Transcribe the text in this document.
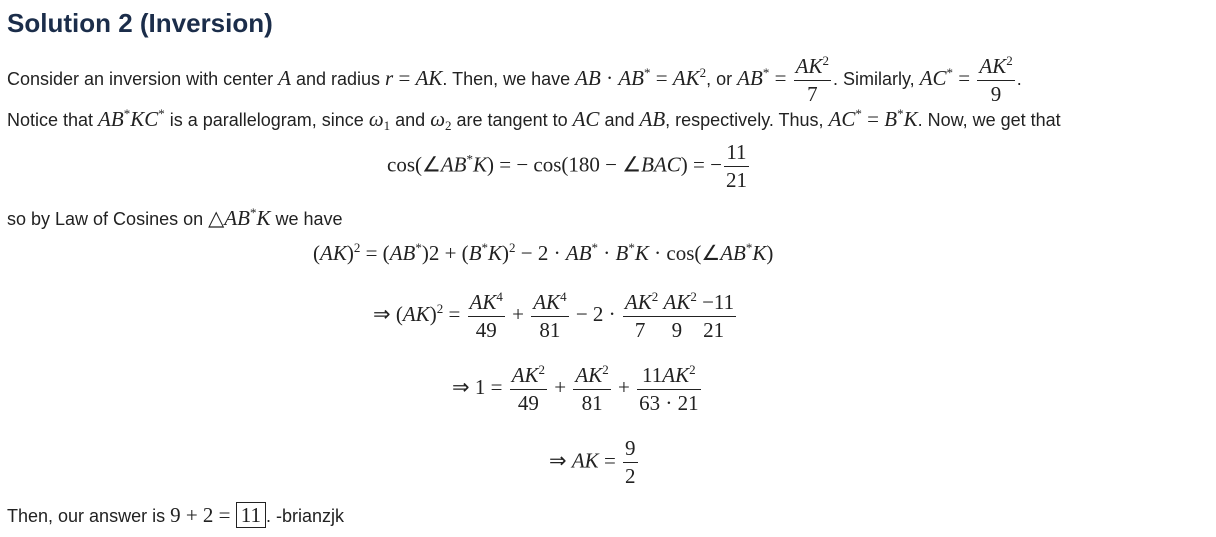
Solution 2 (Inversion)
Consider an inversion with center A and radius r = AK. Then, we have AB · $AB^* = AK^2$, or $AB^* = \frac{AK^2}{7}$ . Similarly, $AC^* = \frac{AK^2}{9}$ .
Notice that AB*KC* is a parallelogram, since $\omega_1$ and $\omega_2$ are tangent to AC and AB, respectively. Thus, AC* = B*K. Now, we get that
cos(∠AB*K) = − cos(180 − ∠BAC) = − $\frac{11}{21}$
so by Law of Cosines on △AB*K we have
$(AK)^2 = (AB^*)2 + (B^*K)^2 - 2 \cdot AB^* \cdot B^*K$ · cos(∠AB*K)
⇒ $(AK)^2 = \frac{AK^4}{49} + \frac{AK^4}{81} - 2 \cdot \frac{AK^2 AK^2 -11}{7 9 21}$
⇒ $1 = \frac{AK^2}{49} + \frac{AK^2}{81} + \frac{11AK^2}{63 \cdot 21}$
⇒ AK = $\frac{9}{2}$
Then, our answer is 9 + 2 = 11 . -brianzjk
